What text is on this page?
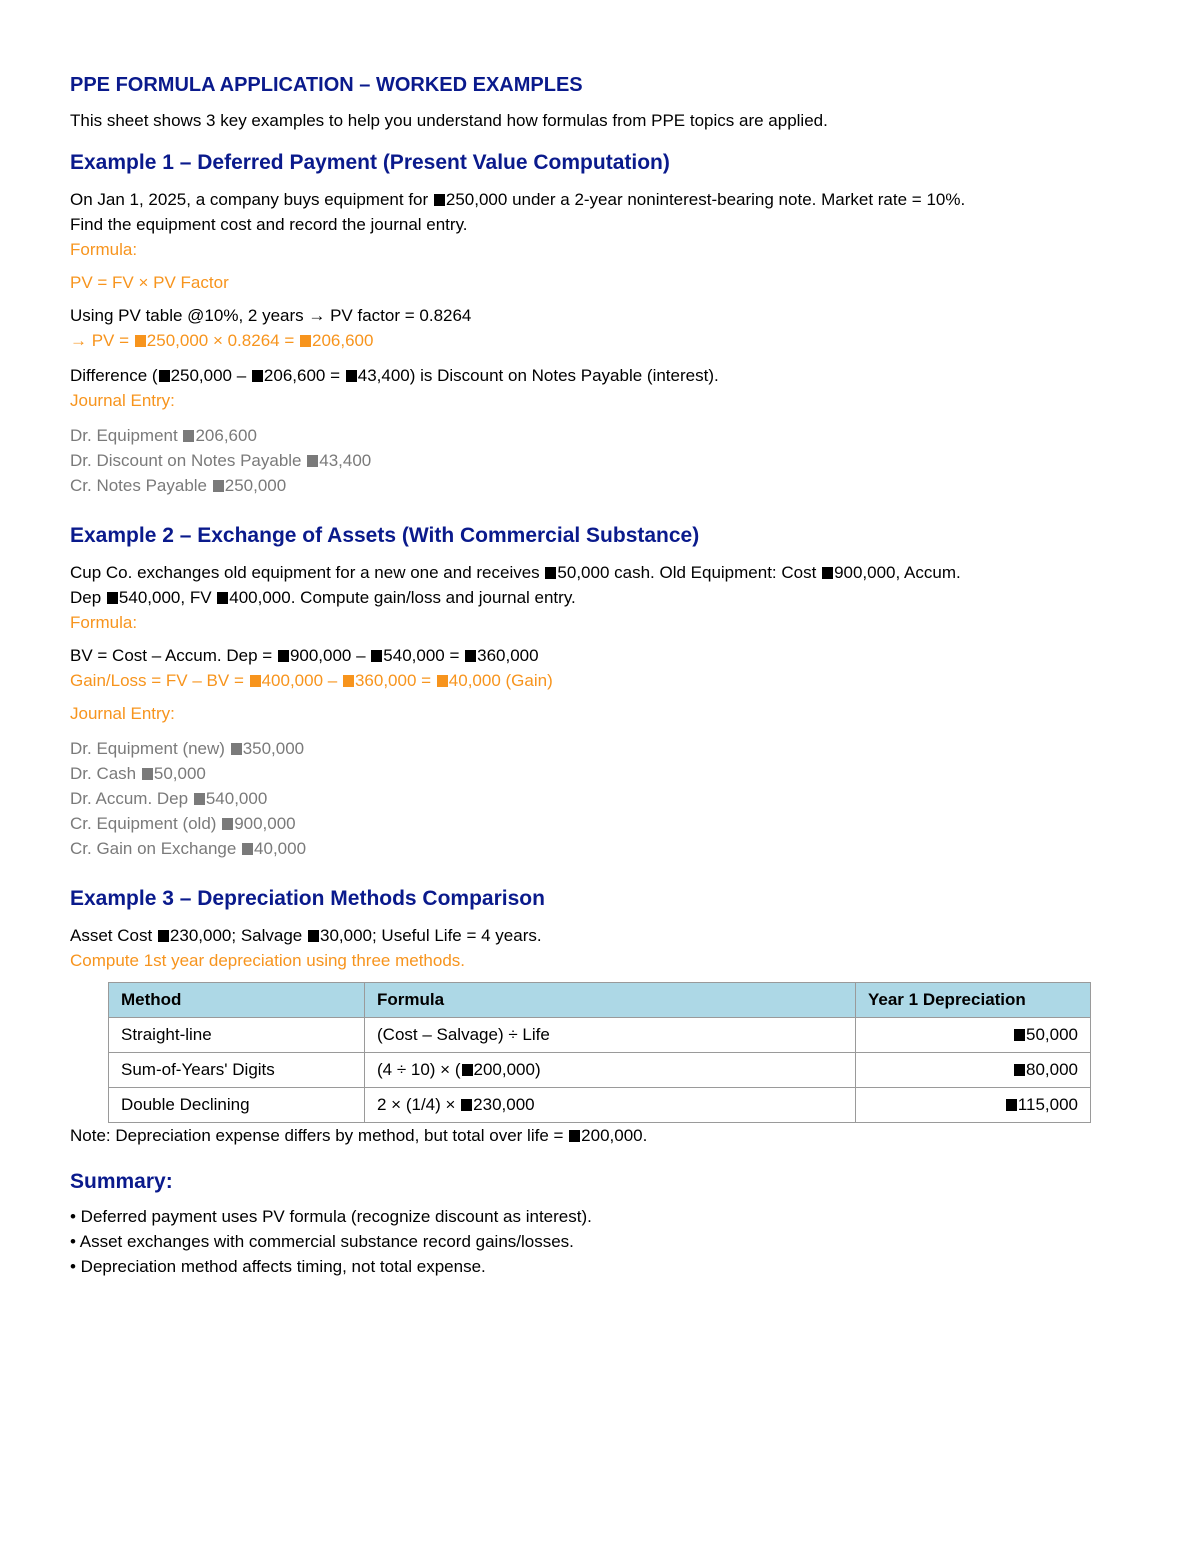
PPE FORMULA APPLICATION – WORKED EXAMPLES

This sheet shows 3 key examples to help you understand how formulas from PPE topics are applied.

Example 1 – Deferred Payment (Present Value Computation)

On Jan 1, 2025, a company buys equipment for 250,000 under a 2-year noninterest-bearing note. Market rate = 10%.
Find the equipment cost and record the journal entry.

Formula:

PV = FV × PV Factor

Using PV table @10%, 2 years → PV factor = 0.8264

→ PV = 250,000 × 0.8264 = 206,600

Difference ( 250,000 – 206,600 = 43,400) is Discount on Notes Payable (interest).

Journal Entry:

Dr. Equipment 206,600

Dr. Discount on Notes Payable 43,400

Cr. Notes Payable 250,000

Example 2 – Exchange of Assets (With Commercial Substance)

Cup Co. exchanges old equipment for a new one and receives 50,000 cash. Old Equipment: Cost 900,000, Accum.
Dep 540,000, FV 400,000. Compute gain/loss and journal entry.

Formula:

BV = Cost – Accum. Dep = 900,000 – 540,000 = 360,000

Gain/Loss = FV – BV = 400,000 – 360,000 = 40,000 (Gain)

Journal Entry:

Dr. Equipment (new) 350,000

Dr. Cash 50,000

Dr. Accum. Dep 540,000

Cr. Equipment (old) 900,000

Cr. Gain on Exchange 40,000

Example 3 – Depreciation Methods Comparison

Asset Cost 230,000; Salvage 30,000; Useful Life = 4 years.

Compute 1st year depreciation using three methods.

Method	Formula	Year 1 Depreciation
Straight-line	(Cost – Salvage) ÷ Life	50,000
Sum-of-Years' Digits	(4 ÷ 10) × ( 200,000)	80,000
Double Declining	2 × (1/4) × 230,000	115,000

Note: Depreciation expense differs by method, but total over life = 200,000.

Summary:

• Deferred payment uses PV formula (recognize discount as interest).

• Asset exchanges with commercial substance record gains/losses.

• Depreciation method affects timing, not total expense.
